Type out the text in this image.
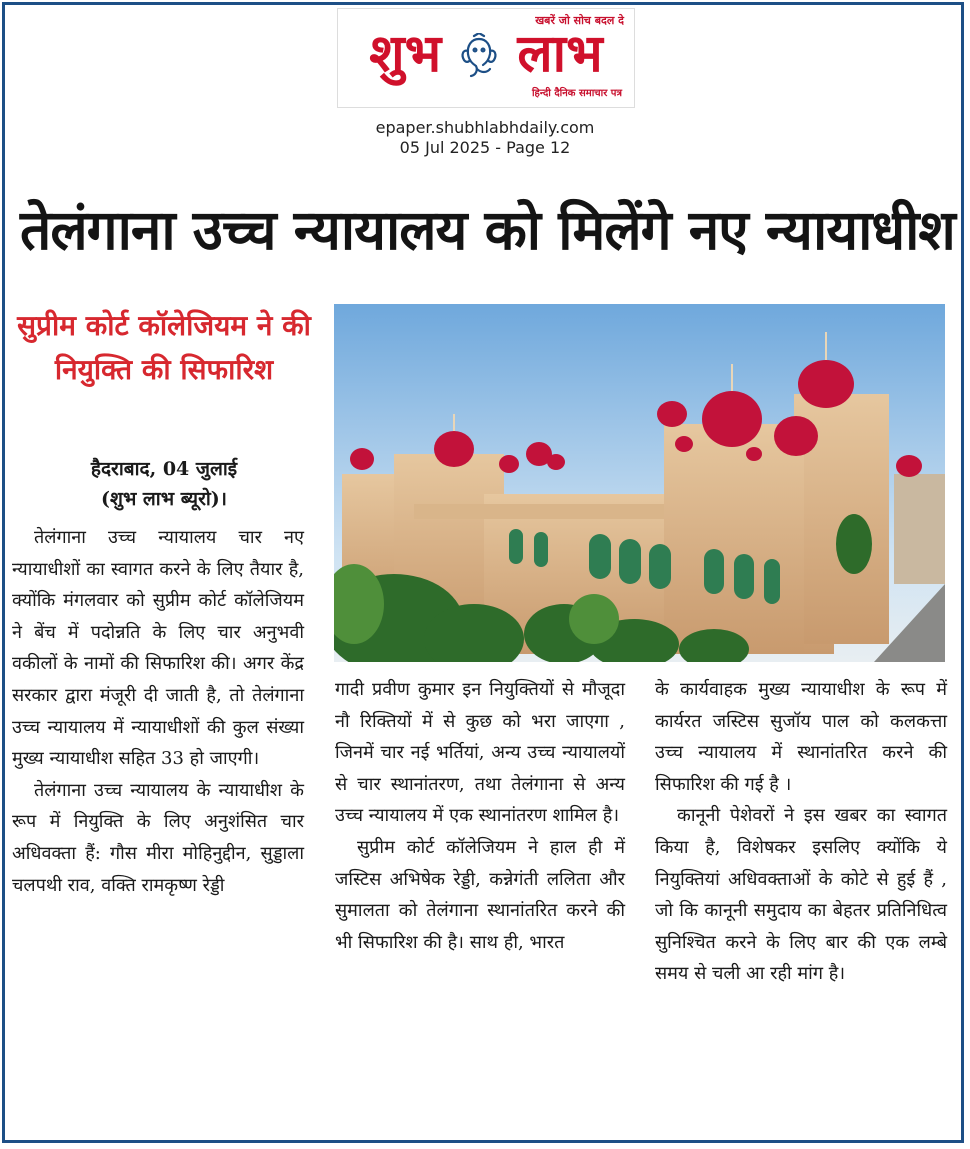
खबरें जो सोच बदल दे
शुभ लाभ
हिन्दी दैनिक समाचार पत्र
epaper.shubhlabhdaily.com
05 Jul 2025 - Page 12
तेलंगाना उच्च न्यायालय को मिलेंगे नए न्यायाधीश
सुप्रीम कोर्ट कॉलेजियम ने की नियुक्ति की सिफारिश
हैदराबाद, 04 जुलाई
(शुभ लाभ ब्यूरो)।

तेलंगाना उच्च न्यायालय चार नए न्यायाधीशों का स्वागत करने के लिए तैयार है, क्योंकि मंगलवार को सुप्रीम कोर्ट कॉलेजियम ने बेंच में पदोन्नति के लिए चार अनुभवी वकीलों के नामों की सिफारिश की। अगर केंद्र सरकार द्वारा मंजूरी दी जाती है, तो तेलंगाना उच्च न्यायालय में न्यायाधीशों की कुल संख्या मुख्य न्यायाधीश सहित 33 हो जाएगी।

तेलंगाना उच्च न्यायालय के न्यायाधीश के रूप में नियुक्ति के लिए अनुशंसित चार अधिवक्ता हैं: गौस मीरा मोहिनुद्दीन, सुड्डाला चलपथी राव, वक्ति रामकृष्ण रेड्डी

गादी प्रवीण कुमार इन नियुक्तियों से मौजूदा नौ रिक्तियों में से कुछ को भरा जाएगा , जिनमें चार नई भर्तियां, अन्य उच्च न्यायालयों से चार स्थानांतरण, तथा तेलंगाना से अन्य उच्च न्यायालय में एक स्थानांतरण शामिल है।

सुप्रीम कोर्ट कॉलेजियम ने हाल ही में जस्टिस अभिषेक रेड्डी, कन्नेगंती ललिता और सुमालता को तेलंगाना स्थानांतरित करने की भी सिफारिश की है। साथ ही, भारत

के कार्यवाहक मुख्य न्यायाधीश के रूप में कार्यरत जस्टिस सुजॉय पाल को कलकत्ता उच्च न्यायालय में स्थानांतरित करने की सिफारिश की गई है ।

कानूनी पेशेवरों ने इस खबर का स्वागत किया है, विशेषकर इसलिए क्योंकि ये नियुक्तियां अधिवक्ताओं के कोटे से हुई हैं , जो कि कानूनी समुदाय का बेहतर प्रतिनिधित्व सुनिश्चित करने के लिए बार की एक लम्बे समय से चली आ रही मांग है।
